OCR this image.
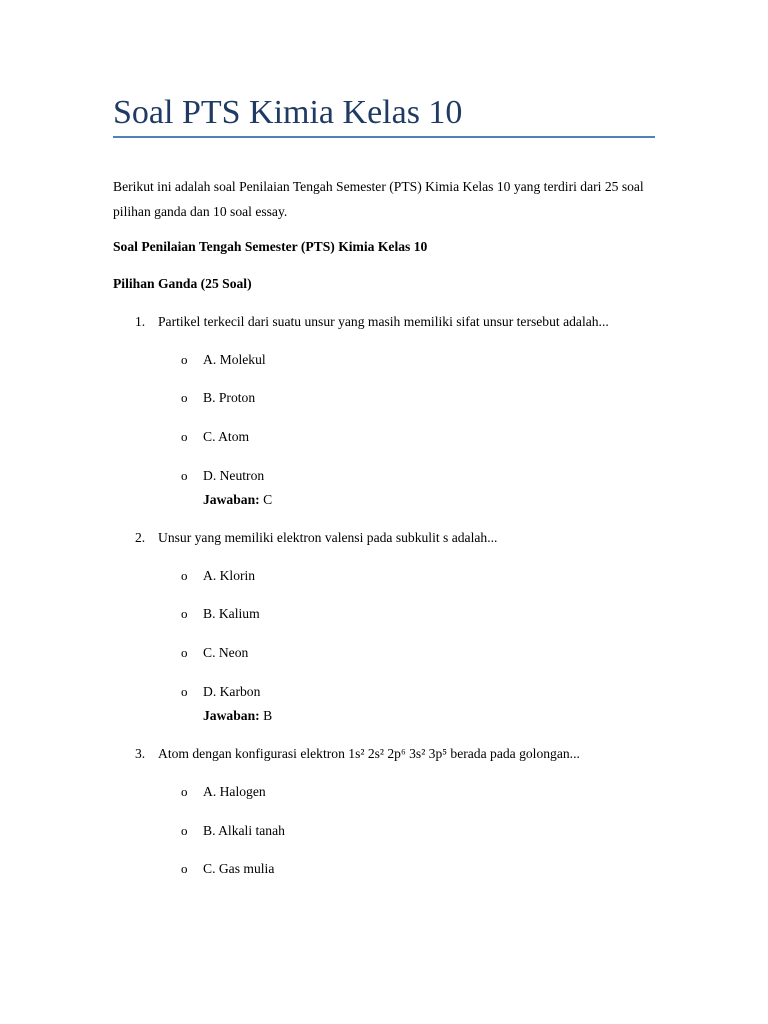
Soal PTS Kimia Kelas 10

Berikut ini adalah soal Penilaian Tengah Semester (PTS) Kimia Kelas 10 yang terdiri dari 25 soal pilihan ganda dan 10 soal essay.

Soal Penilaian Tengah Semester (PTS) Kimia Kelas 10

Pilihan Ganda (25 Soal)

1. Partikel terkecil dari suatu unsur yang masih memiliki sifat unsur tersebut adalah...
o A. Molekul
o B. Proton
o C. Atom
o D. Neutron
Jawaban: C
2. Unsur yang memiliki elektron valensi pada subkulit s adalah...
o A. Klorin
o B. Kalium
o C. Neon
o D. Karbon
Jawaban: B
3. Atom dengan konfigurasi elektron 1s² 2s² 2p⁶ 3s² 3p⁵ berada pada golongan...
o A. Halogen
o B. Alkali tanah
o C. Gas mulia
